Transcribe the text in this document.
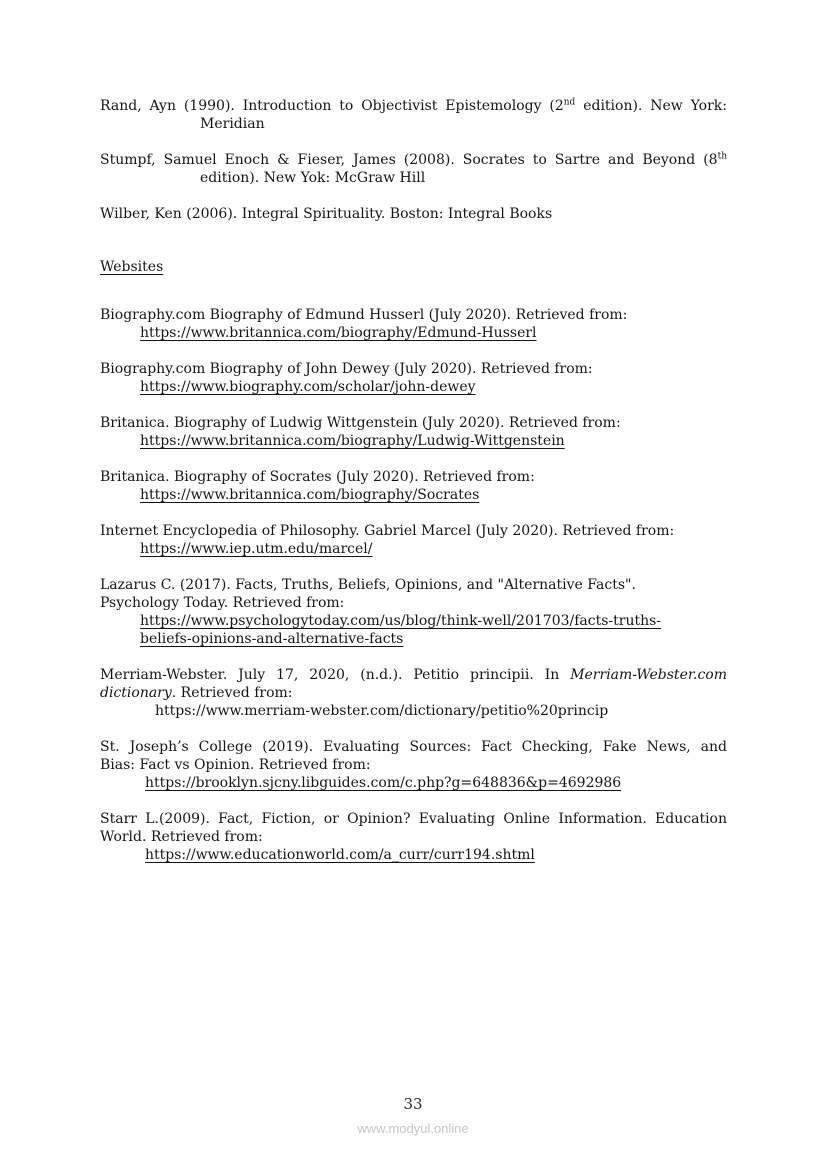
Rand, Ayn (1990). Introduction to Objectivist Epistemology (2nd edition). New York:
Meridian
Stumpf, Samuel Enoch & Fieser, James (2008). Socrates to Sartre and Beyond (8th
edition). New Yok: McGraw Hill
Wilber, Ken (2006). Integral Spirituality. Boston: Integral Books
Websites
Biography.com Biography of Edmund Husserl (July 2020). Retrieved from:
https://www.britannica.com/biography/Edmund-Husserl
Biography.com Biography of John Dewey (July 2020). Retrieved from:
https://www.biography.com/scholar/john-dewey
Britanica. Biography of Ludwig Wittgenstein (July 2020). Retrieved from:
https://www.britannica.com/biography/Ludwig-Wittgenstein
Britanica. Biography of Socrates (July 2020). Retrieved from:
https://www.britannica.com/biography/Socrates
Internet Encyclopedia of Philosophy. Gabriel Marcel (July 2020). Retrieved from:
https://www.iep.utm.edu/marcel/
Lazarus C. (2017). Facts, Truths, Beliefs, Opinions, and "Alternative Facts".
Psychology Today. Retrieved from:
https://www.psychologytoday.com/us/blog/think-well/201703/facts-truths-
beliefs-opinions-and-alternative-facts
Merriam-Webster. July 17, 2020, (n.d.). Petitio principii. In Merriam-Webster.com
dictionary. Retrieved from:
https://www.merriam-webster.com/dictionary/petitio%20princip
St. Joseph’s College (2019). Evaluating Sources: Fact Checking, Fake News, and
Bias: Fact vs Opinion. Retrieved from:
https://brooklyn.sjcny.libguides.com/c.php?g=648836&p=4692986
Starr L.(2009). Fact, Fiction, or Opinion? Evaluating Online Information. Education
World. Retrieved from:
https://www.educationworld.com/a_curr/curr194.shtml
33
www.modyul.online
